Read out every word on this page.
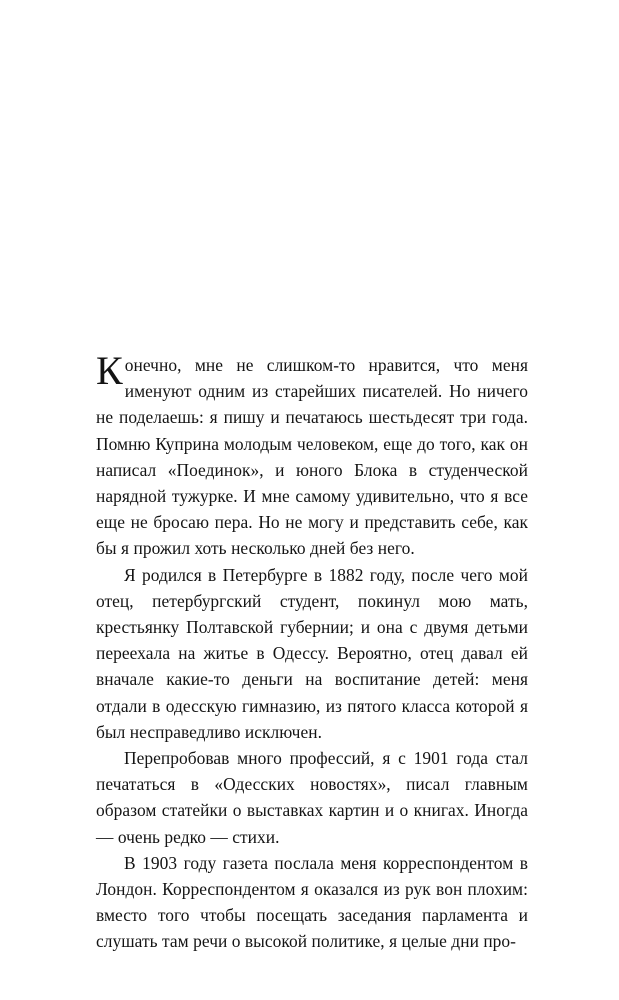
Конечно, мне не слишком-то нравится, что меня именуют одним из старейших писателей. Но ничего не поделаешь: я пишу и печатаюсь шестьдесят три года. Помню Куприна молодым человеком, еще до того, как он написал «Поединок», и юного Блока в студенческой нарядной тужурке. И мне самому удивительно, что я все еще не бросаю пера. Но не могу и представить себе, как бы я прожил хоть несколько дней без него.

Я родился в Петербурге в 1882 году, после чего мой отец, петербургский студент, покинул мою мать, крестьянку Полтавской губернии; и она с двумя детьми переехала на житье в Одессу. Вероятно, отец давал ей вначале какие-то деньги на воспитание детей: меня отдали в одесскую гимназию, из пятого класса которой я был несправедливо исключен.

Перепробовав много профессий, я с 1901 года стал печататься в «Одесских новостях», писал главным образом статейки о выставках картин и о книгах. Иногда — очень редко — стихи.

В 1903 году газета послала меня корреспондентом в Лондон. Корреспондентом я оказался из рук вон плохим: вместо того чтобы посещать заседания парламента и слушать там речи о высокой политике, я целые дни про-
